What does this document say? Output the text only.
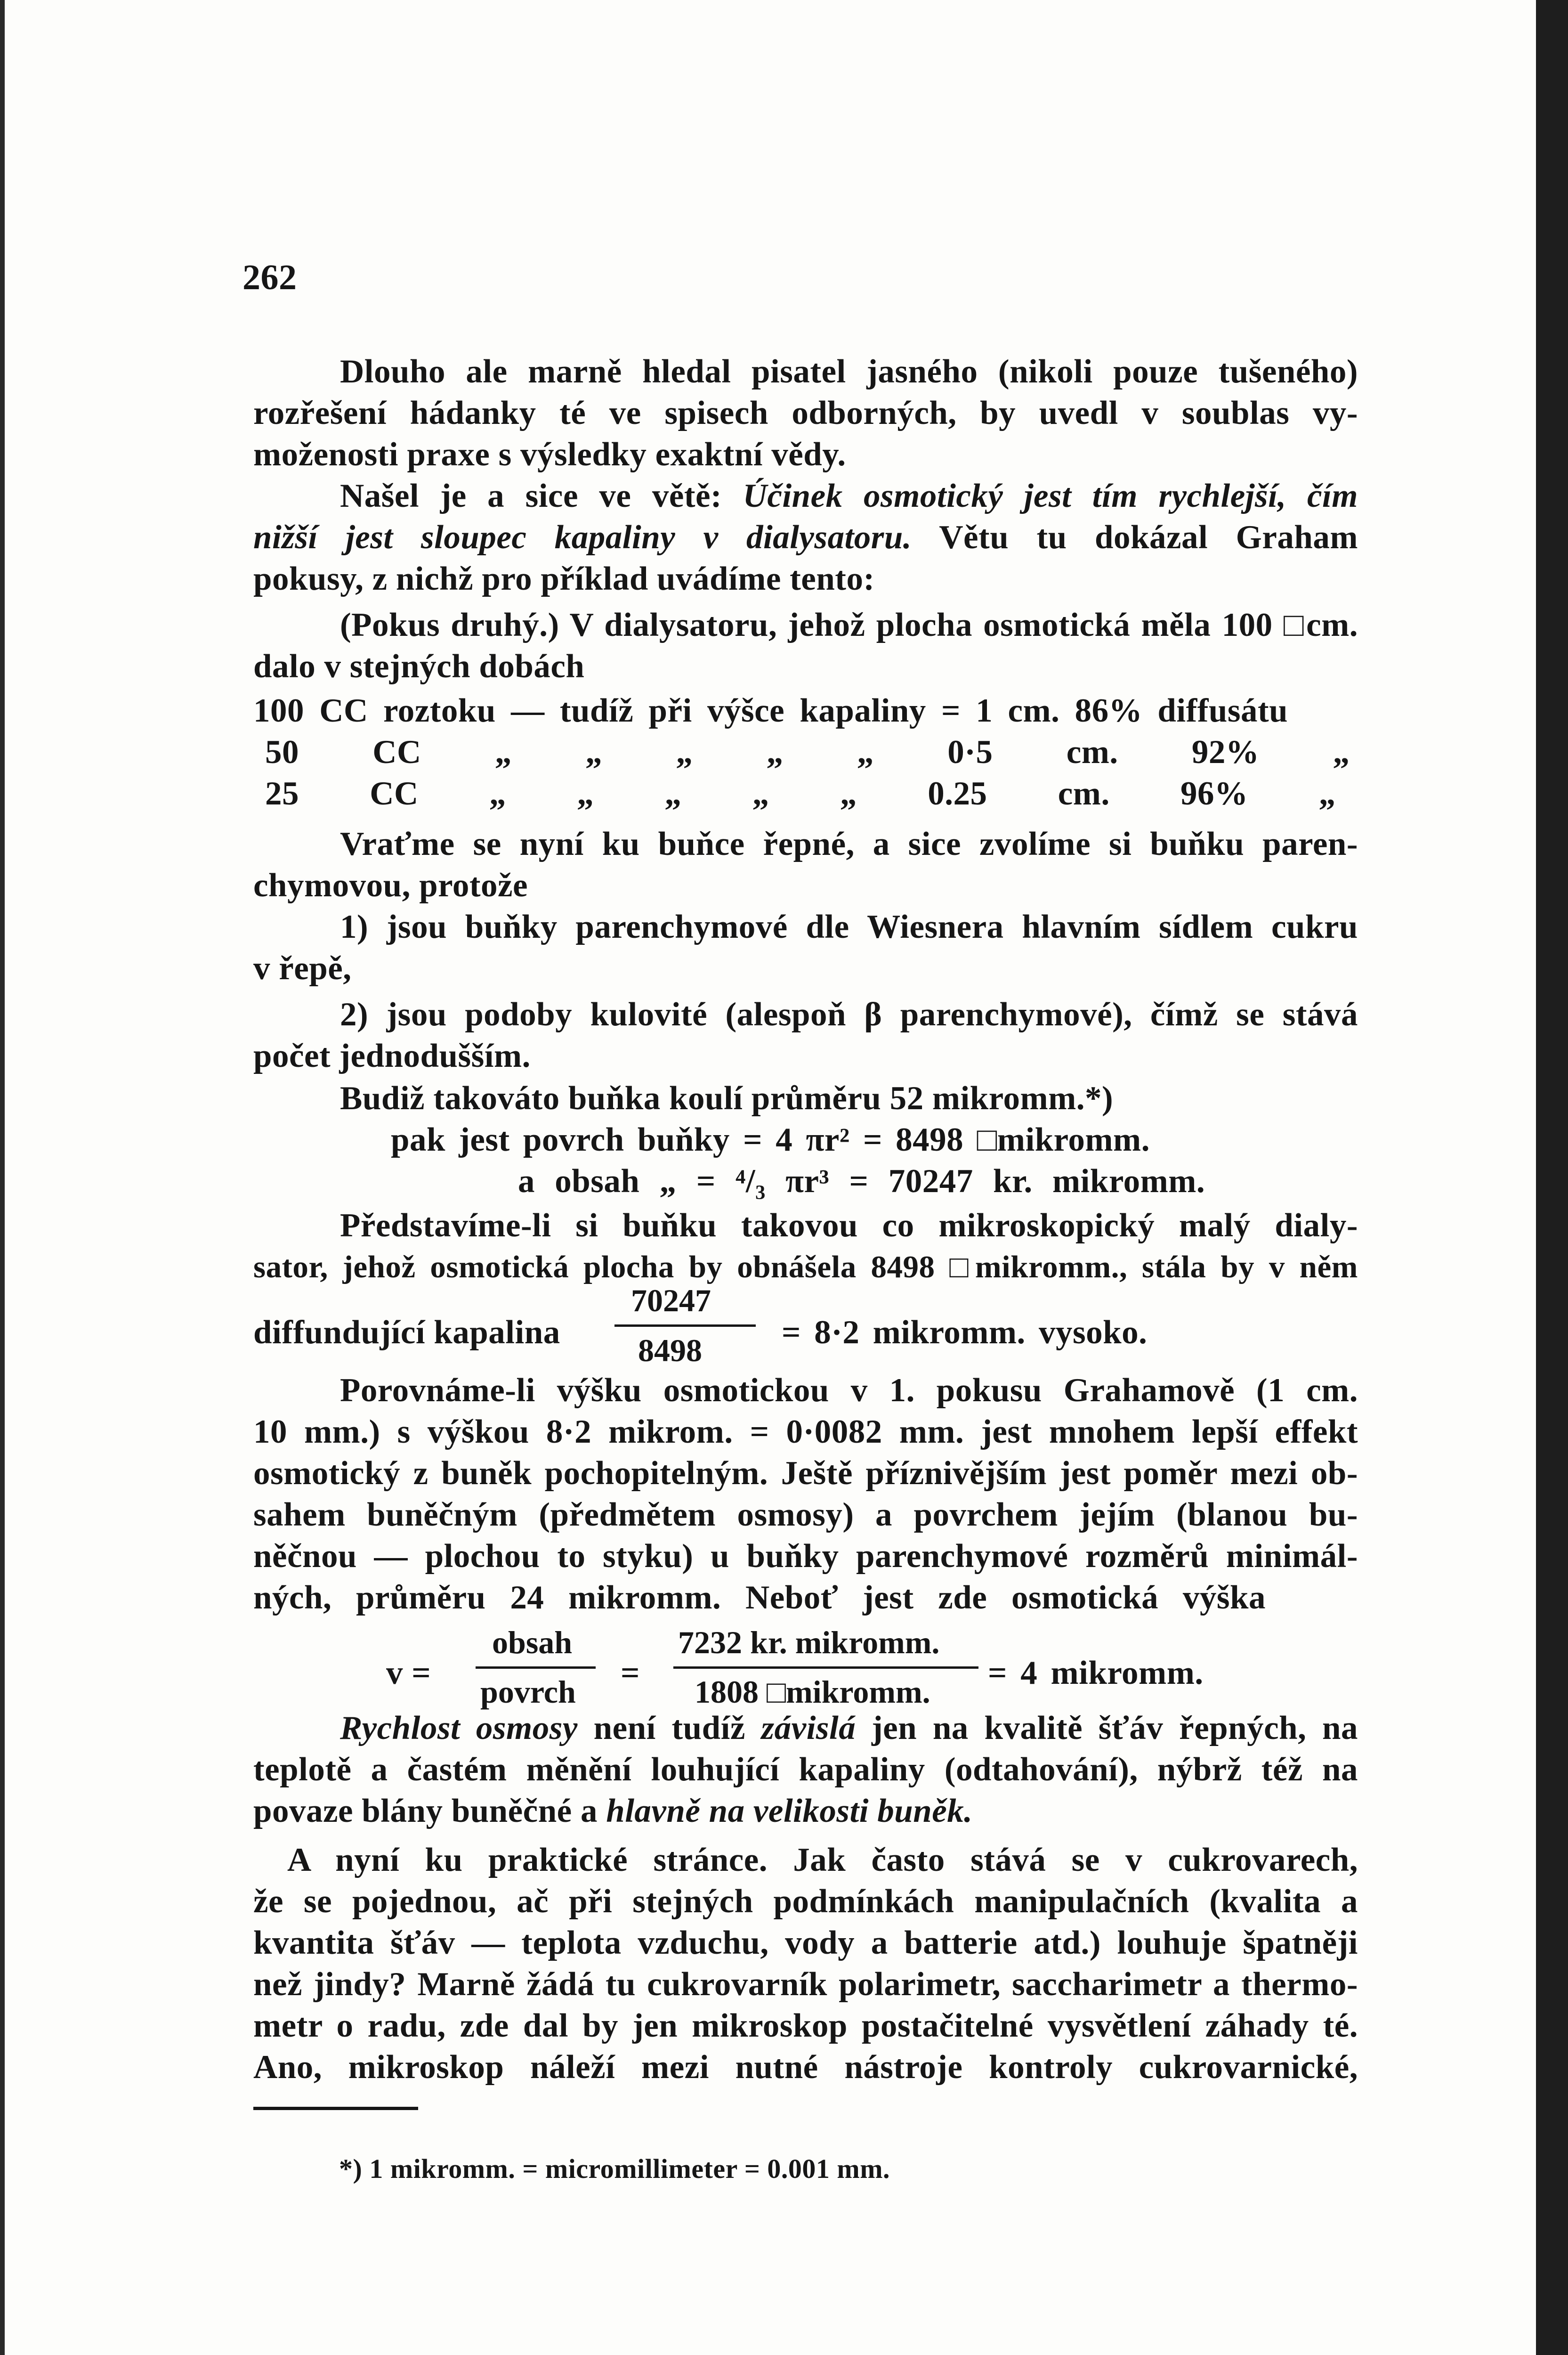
262
Dlouho ale marně hledal pisatel jasného (nikoli pouze tušeného)
rozřešení hádanky té ve spisech odborných, by uvedl v soublas vy-
moženosti praxe s výsledky exaktní vědy.
Našel je a sice ve větě: Účinek osmotický jest tím rychlejší, čím
nižší jest sloupec kapaliny v dialysatoru. Větu tu dokázal Graham
pokusy, z nichž pro příklad uvádíme tento:
(Pokus druhý.) V dialysatoru, jehož plocha osmotická měla 100 □cm.
dalo v stejných dobách
100 CC roztoku — tudíž při výšce kapaliny = 1 cm. 86% diffusátu
50 CC „ „ „ „ „ 0·5 cm. 92% „
25 CC „ „ „ „ „ 0.25 cm. 96% „
Vraťme se nyní ku buňce řepné, a sice zvolíme si buňku paren-
chymovou, protože
1) jsou buňky parenchymové dle Wiesnera hlavním sídlem cukru
v řepě,
2) jsou podoby kulovité (alespoň β parenchymové), čímž se stává
počet jednodušším.
Budiž takováto buňka koulí průměru 52 mikromm.*)
pak jest povrch buňky = 4 πr² = 8498 □mikromm.
a obsah „ = ⁴/₃ πr³ = 70247 kr. mikromm.
Představíme-li si buňku takovou co mikroskopický malý dialy-
sator, jehož osmotická plocha by obnášela 8498 □mikromm., stála by v něm
diffundující kapalina
70247
8498 = 8·2 mikromm. vysoko.
Porovnáme-li výšku osmotickou v 1. pokusu Grahamově (1 cm.
10 mm.) s výškou 8·2 mikrom. = 0·0082 mm. jest mnohem lepší effekt
osmotický z buněk pochopitelným. Ještě příznivějším jest poměr mezi ob-
sahem buněčným (předmětem osmosy) a povrchem jejím (blanou bu-
něčnou — plochou to styku) u buňky parenchymové rozměrů minimál-
ných, průměru 24 mikromm. Neboť jest zde osmotická výška
v =
obsah
povrch
=
7232 kr. mikromm.
1808 □mikromm.
= 4 mikromm.
Rychlost osmosy není tudíž závislá jen na kvalitě šťáv řepných, na
teplotě a častém měnění louhující kapaliny (odtahování), nýbrž též na
povaze blány buněčné a hlavně na velikosti buněk.
A nyní ku praktické stránce. Jak často stává se v cukrovarech,
že se pojednou, ač při stejných podmínkách manipulačních (kvalita a
kvantita šťáv — teplota vzduchu, vody a batterie atd.) louhuje špatněji
než jindy? Marně žádá tu cukrovarník polarimetr, saccharimetr a thermo-
metr o radu, zde dal by jen mikroskop postačitelné vysvětlení záhady té.
Ano, mikroskop náleží mezi nutné nástroje kontroly cukrovarnické,
*) 1 mikromm. = micromillimeter = 0.001 mm.
